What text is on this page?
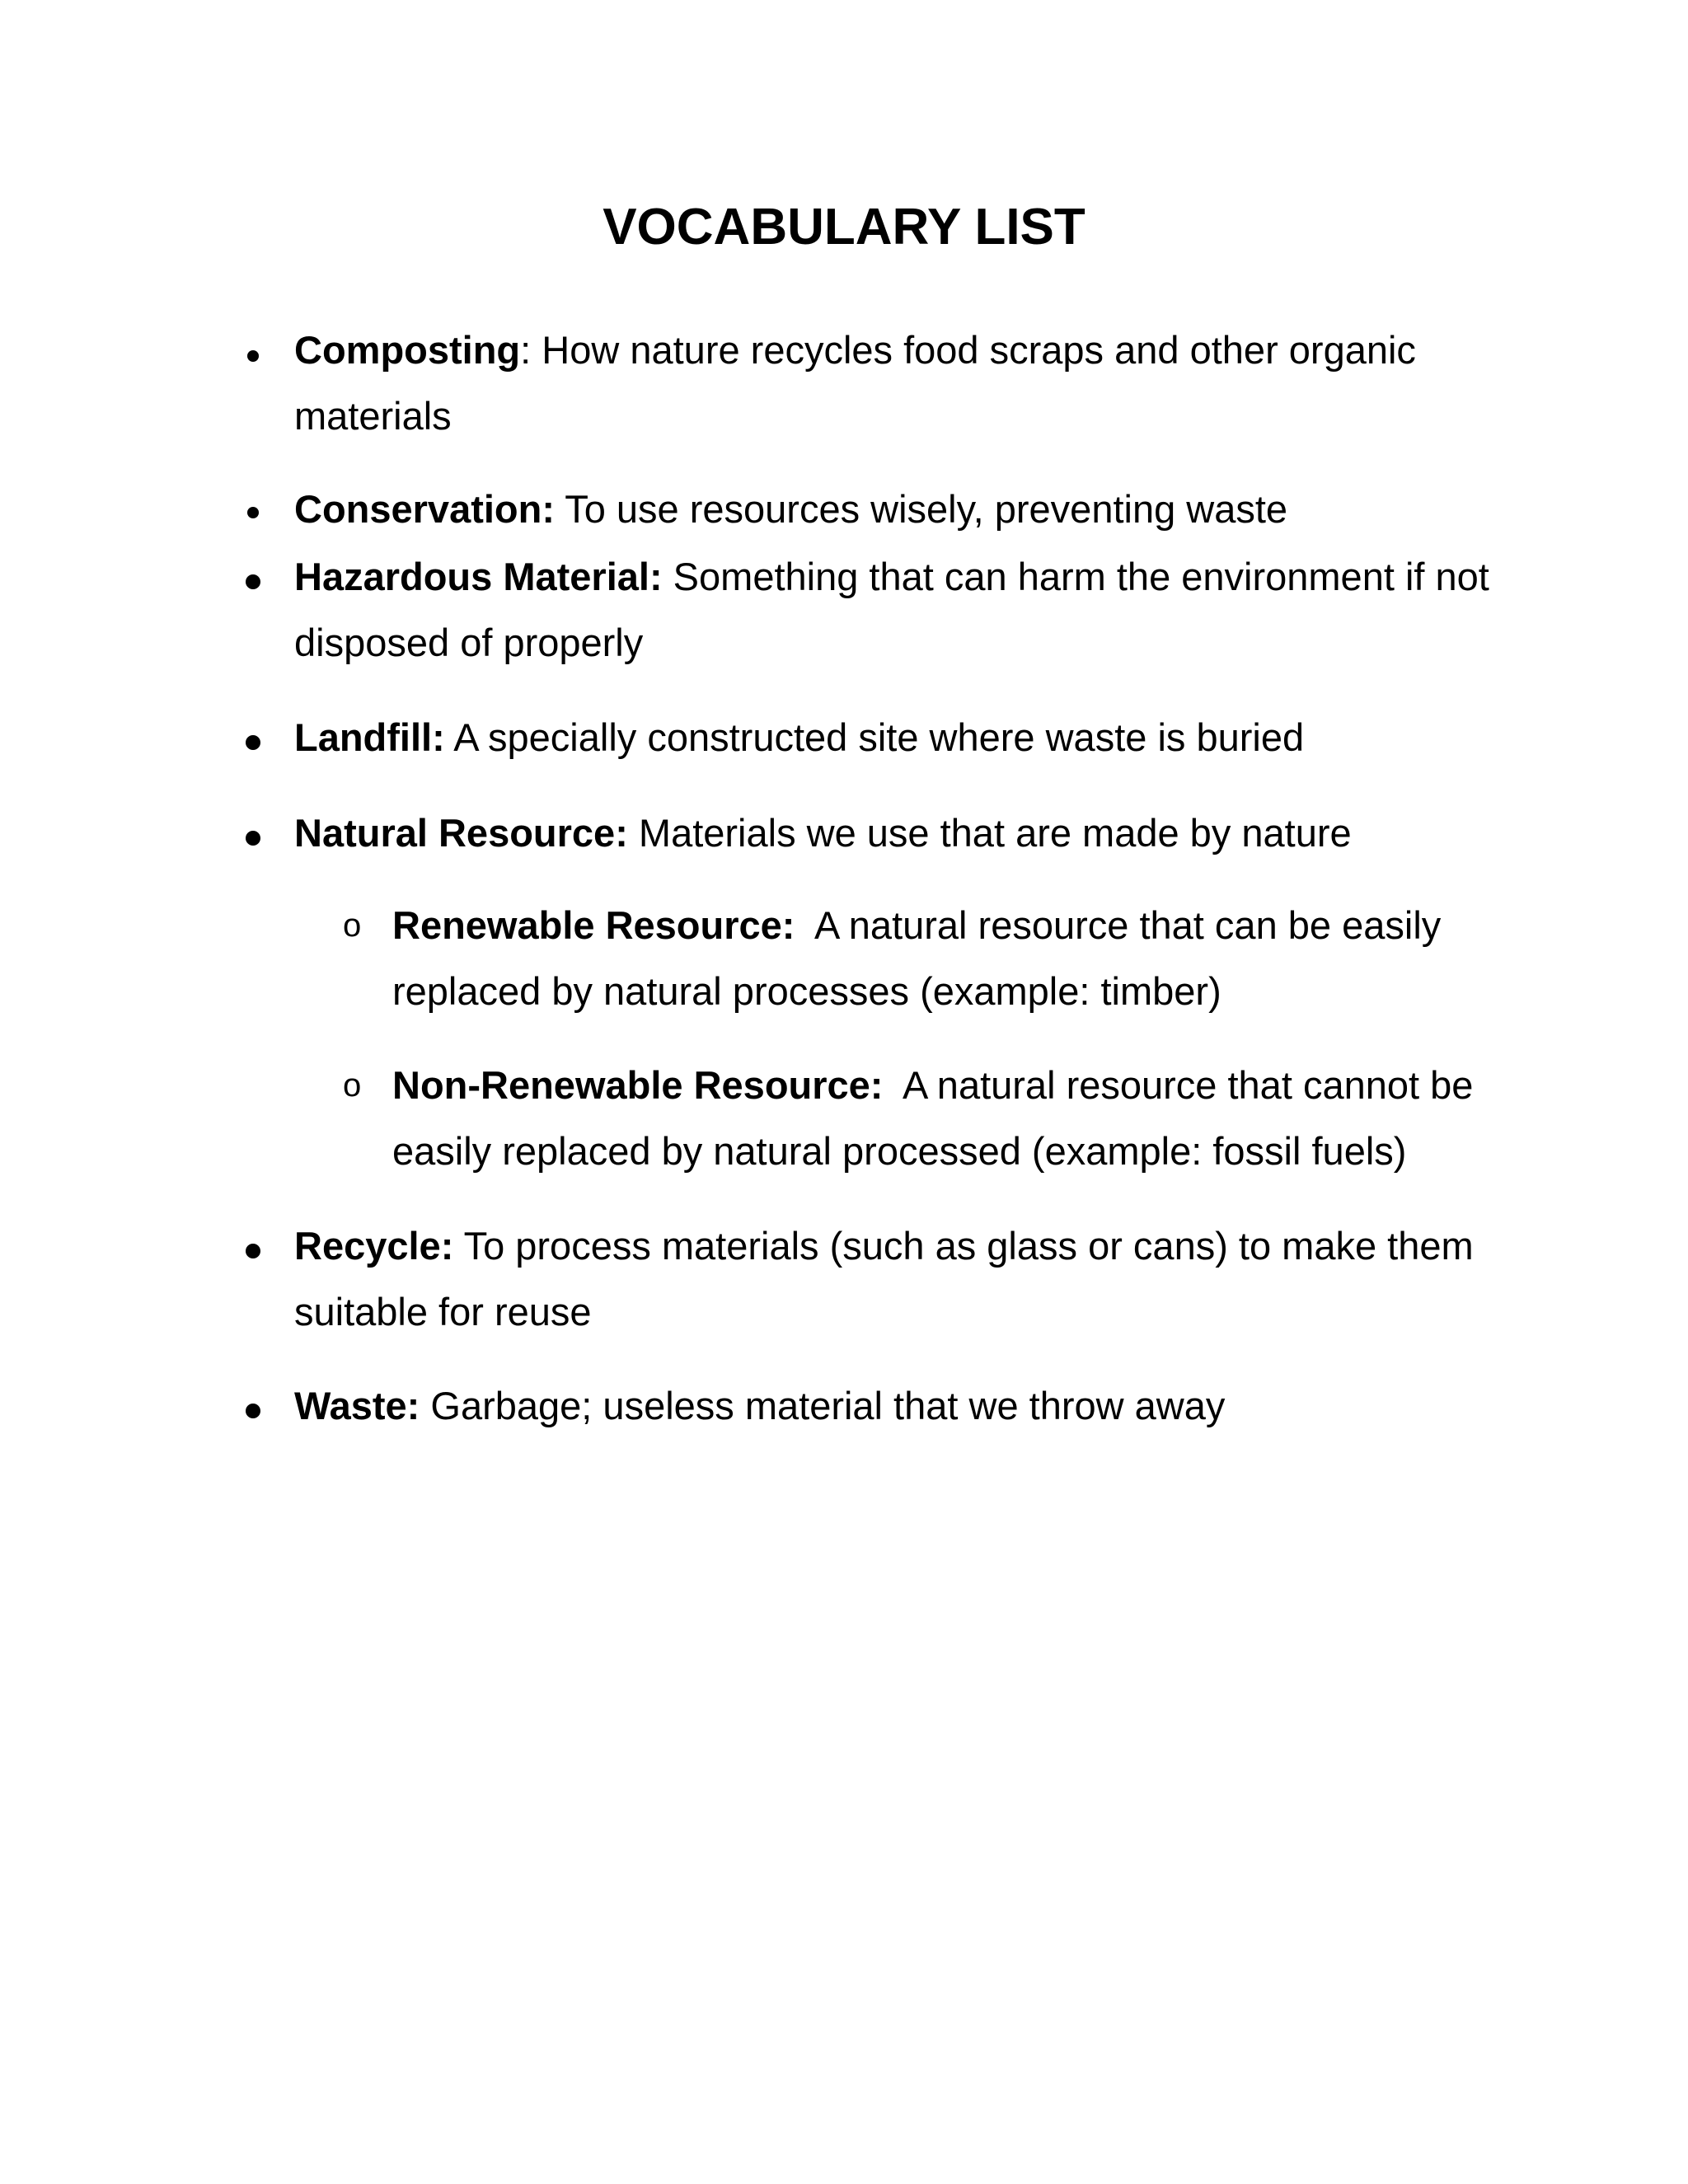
VOCABULARY LIST
Composting: How nature recycles food scraps and other organic
materials
Conservation: To use resources wisely, preventing waste
Hazardous Material: Something that can harm the environment if not
disposed of properly
Landfill: A specially constructed site where waste is buried
Natural Resource: Materials we use that are made by nature
o Renewable Resource:  A natural resource that can be easily
replaced by natural processes (example: timber)
o Non-Renewable Resource:  A natural resource that cannot be
easily replaced by natural processed (example: fossil fuels)
Recycle: To process materials (such as glass or cans) to make them
suitable for reuse
Waste: Garbage; useless material that we throw away
